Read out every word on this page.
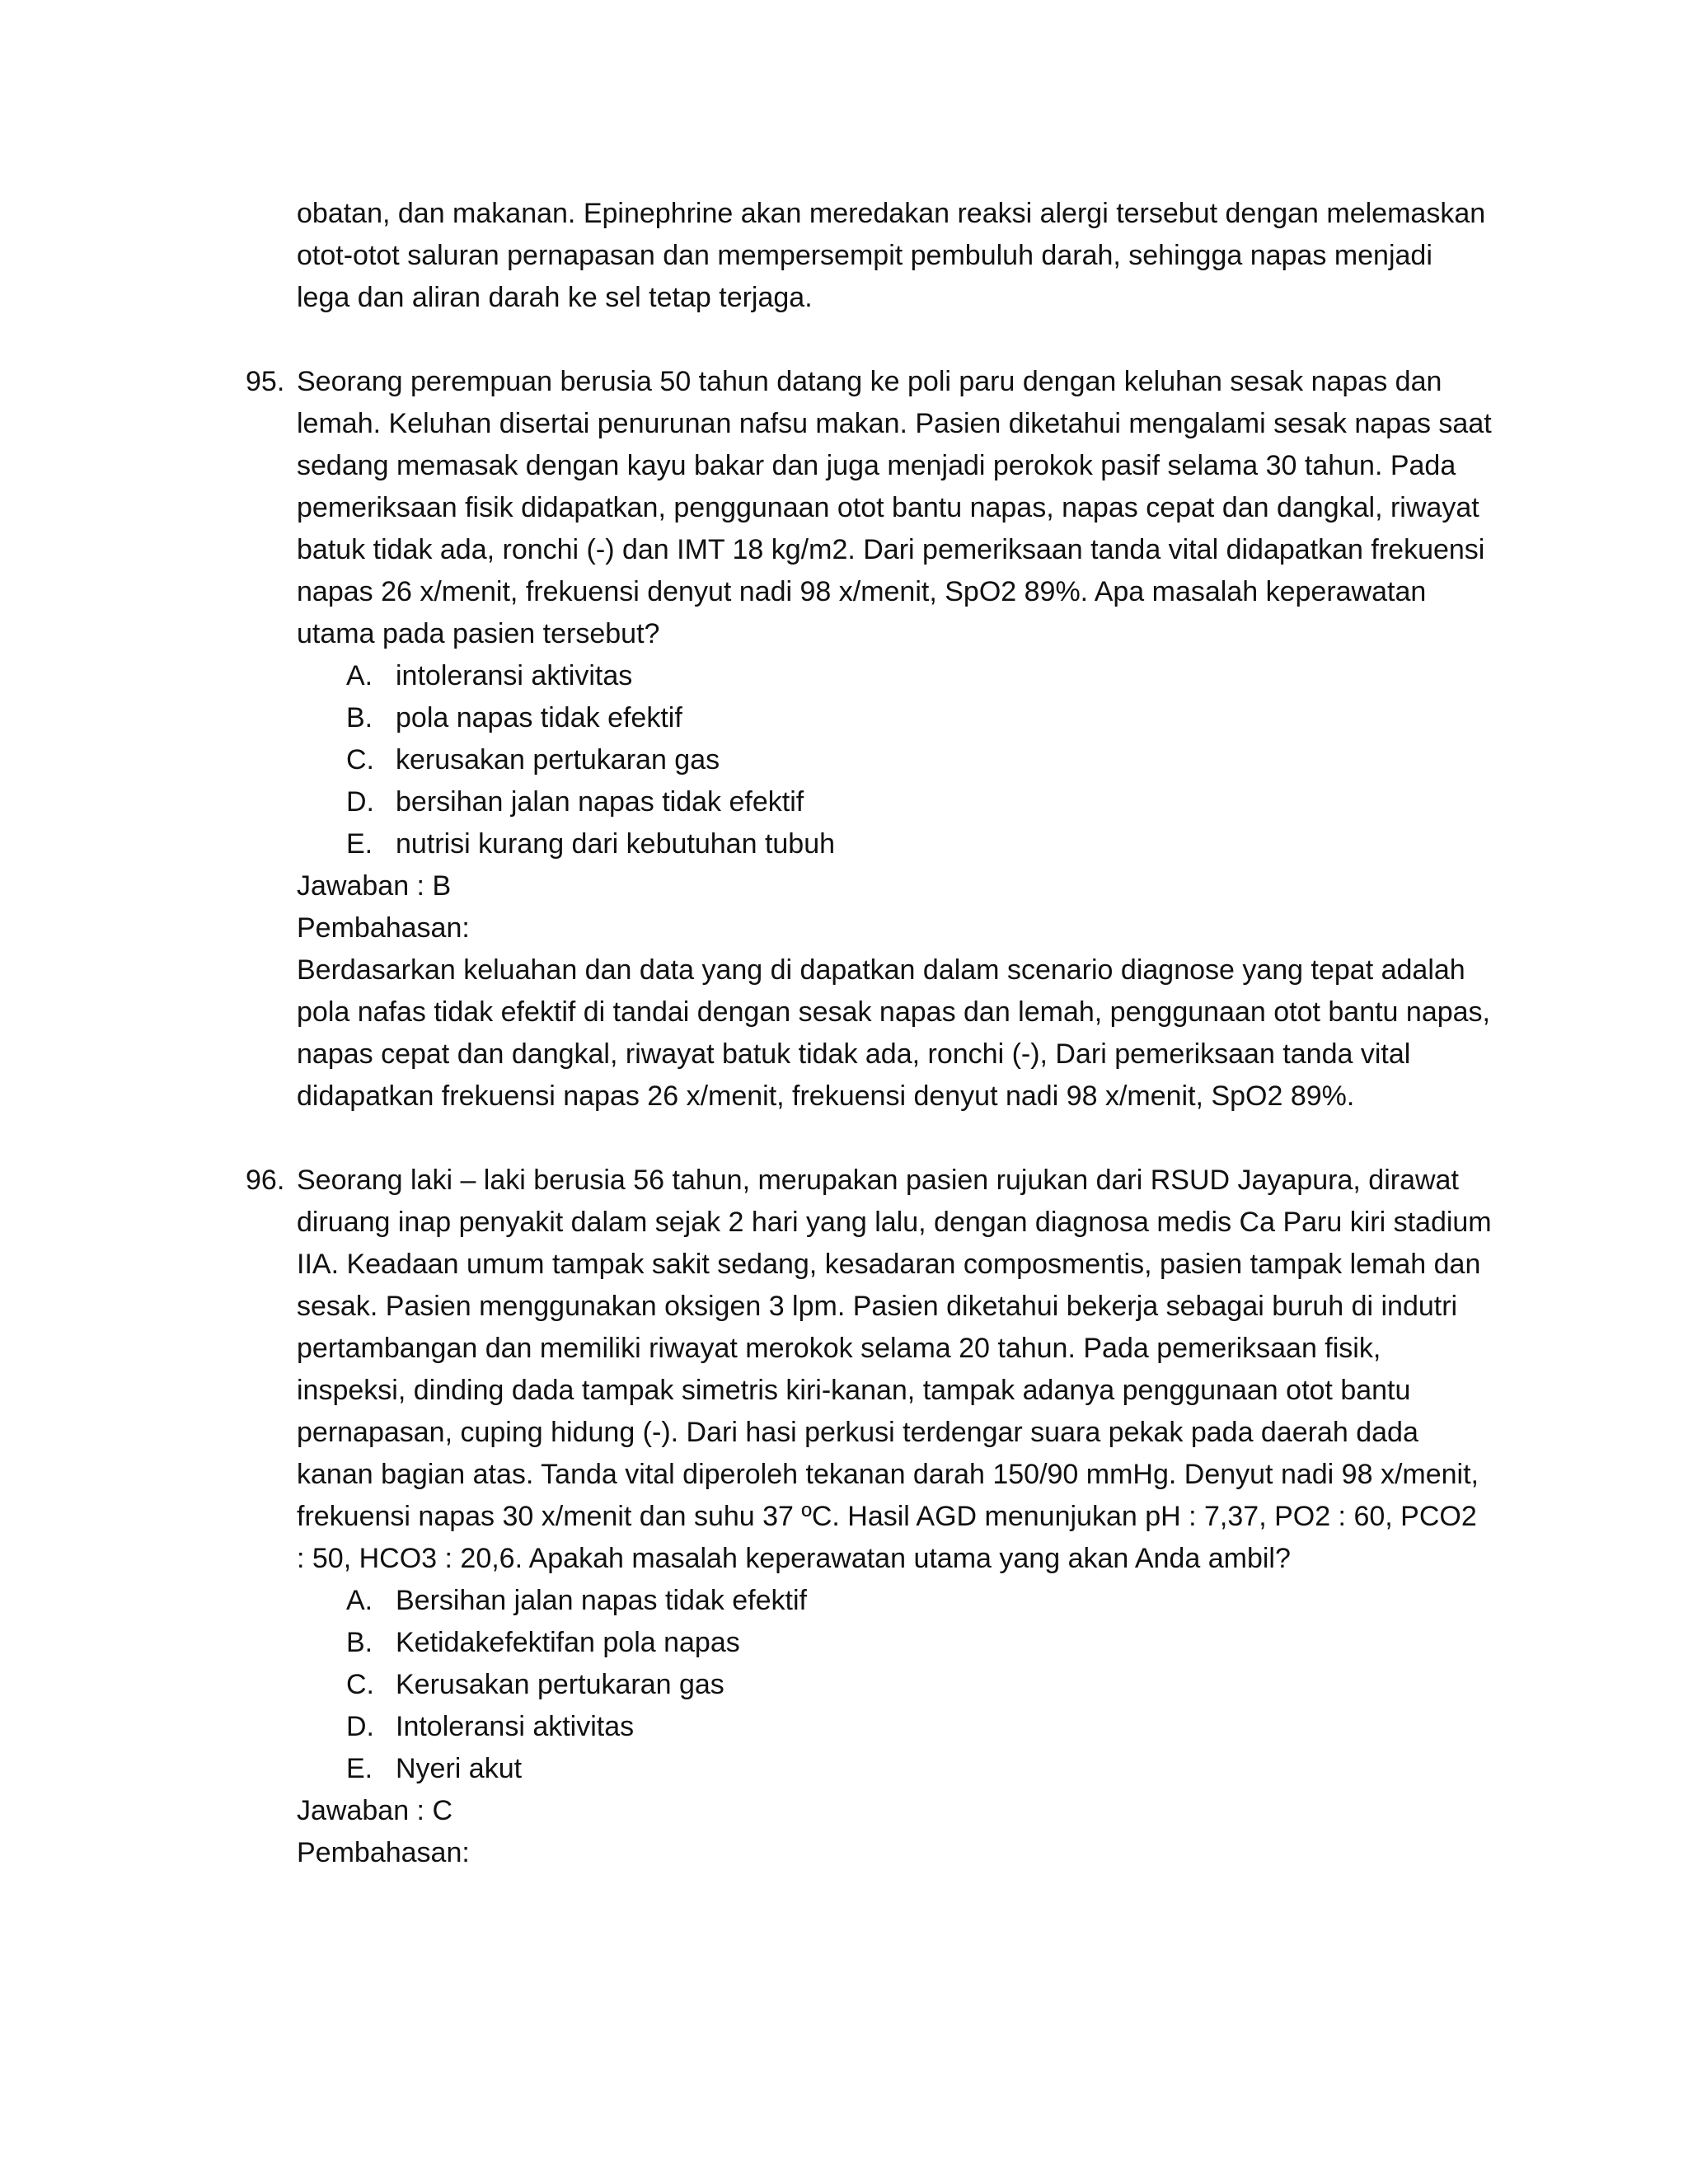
obatan, dan makanan. Epinephrine akan meredakan reaksi alergi tersebut dengan melemaskan otot-otot saluran pernapasan dan mempersempit pembuluh darah, sehingga napas menjadi lega dan aliran darah ke sel tetap terjaga.

95. Seorang perempuan berusia 50 tahun datang ke poli paru dengan keluhan sesak napas dan lemah. Keluhan disertai penurunan nafsu makan. Pasien diketahui mengalami sesak napas saat sedang memasak dengan kayu bakar dan juga menjadi perokok pasif selama 30 tahun. Pada pemeriksaan fisik didapatkan, penggunaan otot bantu napas, napas cepat dan dangkal, riwayat batuk tidak ada, ronchi (-) dan IMT 18 kg/m2. Dari pemeriksaan tanda vital didapatkan frekuensi napas 26 x/menit, frekuensi denyut nadi 98 x/menit, SpO2 89%. Apa masalah keperawatan utama pada pasien tersebut?

A. intoleransi aktivitas
B. pola napas tidak efektif
C. kerusakan pertukaran gas
D. bersihan jalan napas tidak efektif
E. nutrisi kurang dari kebutuhan tubuh

Jawaban : B

Pembahasan:

Berdasarkan keluahan dan data yang di dapatkan dalam scenario diagnose yang tepat adalah pola nafas tidak efektif di tandai dengan sesak napas dan lemah, penggunaan otot bantu napas, napas cepat dan dangkal, riwayat batuk tidak ada, ronchi (-), Dari pemeriksaan tanda vital didapatkan frekuensi napas 26 x/menit, frekuensi denyut nadi 98 x/menit, SpO2 89%.

96. Seorang laki – laki berusia 56 tahun, merupakan pasien rujukan dari RSUD Jayapura, dirawat diruang inap penyakit dalam sejak 2 hari yang lalu, dengan diagnosa medis Ca Paru kiri stadium IIA. Keadaan umum tampak sakit sedang, kesadaran composmentis, pasien tampak lemah dan sesak. Pasien menggunakan oksigen 3 lpm. Pasien diketahui bekerja sebagai buruh di indutri pertambangan dan memiliki riwayat merokok selama 20 tahun. Pada pemeriksaan fisik, inspeksi, dinding dada tampak simetris kiri-kanan, tampak adanya penggunaan otot bantu pernapasan, cuping hidung (-). Dari hasi perkusi terdengar suara pekak pada daerah dada kanan bagian atas. Tanda vital diperoleh tekanan darah 150/90 mmHg. Denyut nadi 98 x/menit, frekuensi napas 30 x/menit dan suhu 37 ºC. Hasil AGD menunjukan pH : 7,37, PO2 : 60, PCO2 : 50, HCO3 : 20,6. Apakah masalah keperawatan utama yang akan Anda ambil?

A. Bersihan jalan napas tidak efektif
B. Ketidakefektifan pola napas
C. Kerusakan pertukaran gas
D. Intoleransi aktivitas
E. Nyeri akut

Jawaban : C

Pembahasan:
